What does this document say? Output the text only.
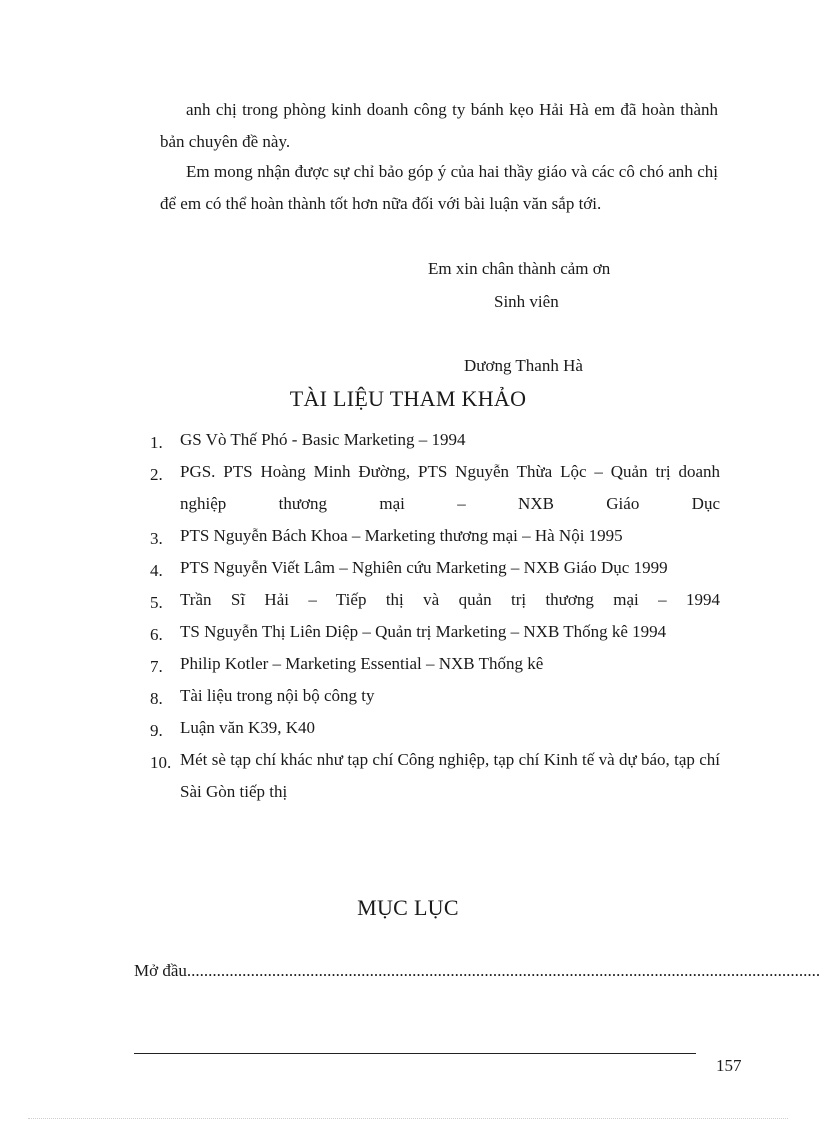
anh chị trong phòng kinh doanh công ty bánh kẹo Hải Hà em đã hoàn thành bản chuyên đề này.

Em mong nhận được sự chỉ bảo góp ý của hai thầy giáo và các cô chó anh chị để em có thể hoàn thành tốt hơn nữa đối với bài luận văn sắp tới.

Em xin chân thành cảm ơn
Sinh viên
Dương Thanh Hà
TÀI LIỆU THAM KHẢO
1.	GS Vò Thế Phó - Basic Marketing – 1994
2.	PGS. PTS Hoàng Minh Đường, PTS Nguyễn Thừa Lộc – Quản trị doanh nghiệp thương mại – NXB Giáo Dục
3.	PTS Nguyễn Bách Khoa – Marketing thương mại – Hà Nội 1995
4.	PTS Nguyễn Viết Lâm – Nghiên cứu Marketing – NXB Giáo Dục 1999
5.	Trần Sĩ Hải – Tiếp thị và quản trị thương mại – 1994
6.	TS Nguyễn Thị Liên Diệp – Quản trị Marketing – NXB Thống kê 1994
7.	Philip Kotler – Marketing Essential – NXB Thống kê
8.	Tài liệu trong nội bộ công ty
9.	Luận văn K39, K40
10. Mét sè tạp chí khác như tạp chí Công nghiệp, tạp chí Kinh tế và dự báo, tạp chí Sài Gòn tiếp thị
MỤC LỤC
Mở đầu.....................................................................................................................................................
157
